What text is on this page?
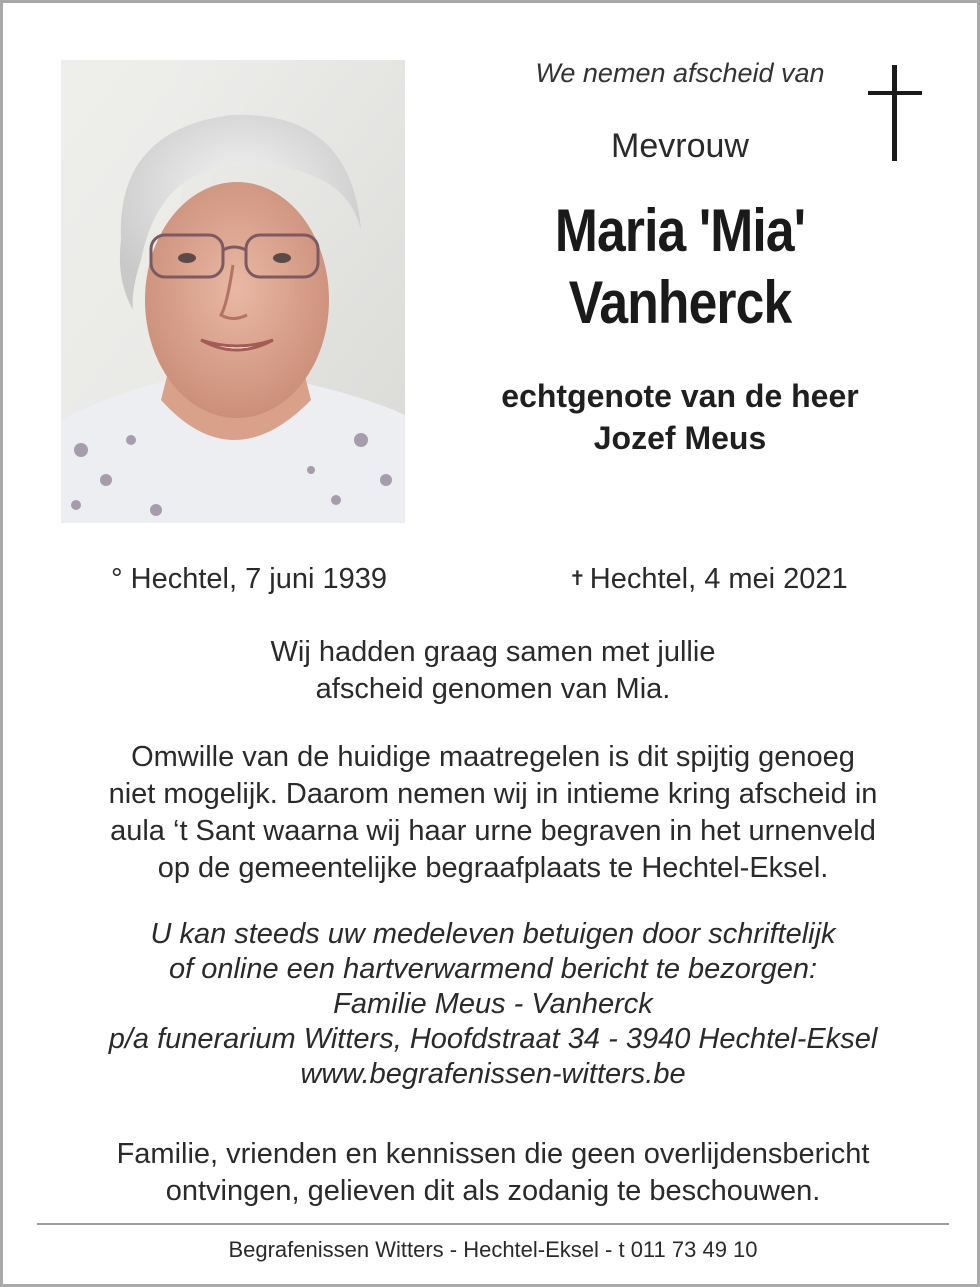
We nemen afscheid van
Mevrouw
Maria 'Mia'
Vanherck
echtgenote van de heer
Jozef Meus
° Hechtel, 7 juni 1939	✝ Hechtel, 4 mei 2021
Wij hadden graag samen met jullie
afscheid genomen van Mia.
Omwille van de huidige maatregelen is dit spijtig genoeg
niet mogelijk. Daarom nemen wij in intieme kring afscheid in
aula ‘t Sant waarna wij haar urne begraven in het urnenveld
op de gemeentelijke begraafplaats te Hechtel-Eksel.
U kan steeds uw medeleven betuigen door schriftelijk
of online een hartverwarmend bericht te bezorgen:
Familie Meus - Vanherck
p/a funerarium Witters, Hoofdstraat 34 - 3940 Hechtel-Eksel
www.begrafenissen-witters.be
Familie, vrienden en kennissen die geen overlijdensbericht
ontvingen, gelieven dit als zodanig te beschouwen.
Begrafenissen Witters - Hechtel-Eksel - t 011 73 49 10
